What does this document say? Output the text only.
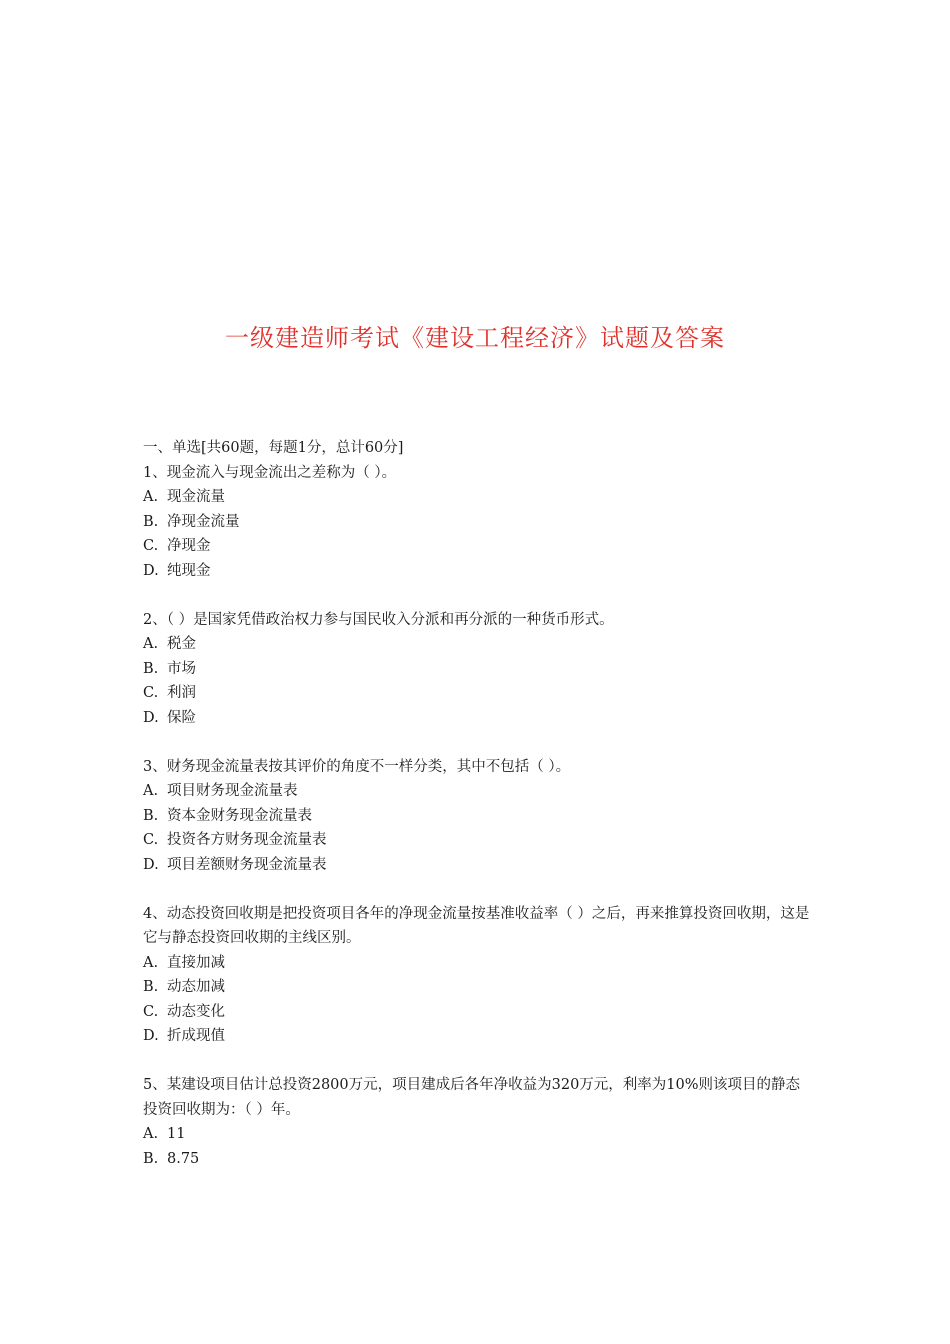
一级建造师考试《建设工程经济》试题及答案

一、单选[共60题，每题1分，总计60分]

1、现金流入与现金流出之差称为（ ）。

A. 现金流量

B. 净现金流量

C. 净现金

D. 纯现金

2、（ ）是国家凭借政治权力参与国民收入分派和再分派的一种货币形式。

A. 税金

B. 市场

C. 利润

D. 保险

3、财务现金流量表按其评价的角度不一样分类，其中不包括（ ）。

A. 项目财务现金流量表

B. 资本金财务现金流量表

C. 投资各方财务现金流量表

D. 项目差额财务现金流量表

4、动态投资回收期是把投资项目各年的净现金流量按基准收益率（ ）之后，再来推算投资回收期，这是它与静态投资回收期的主线区别。

A. 直接加减

B. 动态加减

C. 动态变化

D. 折成现值

5、某建设项目估计总投资2800万元，项目建成后各年净收益为320万元，利率为10%则该项目的静态投资回收期为：（ ）年。

A. 11

B. 8.75
